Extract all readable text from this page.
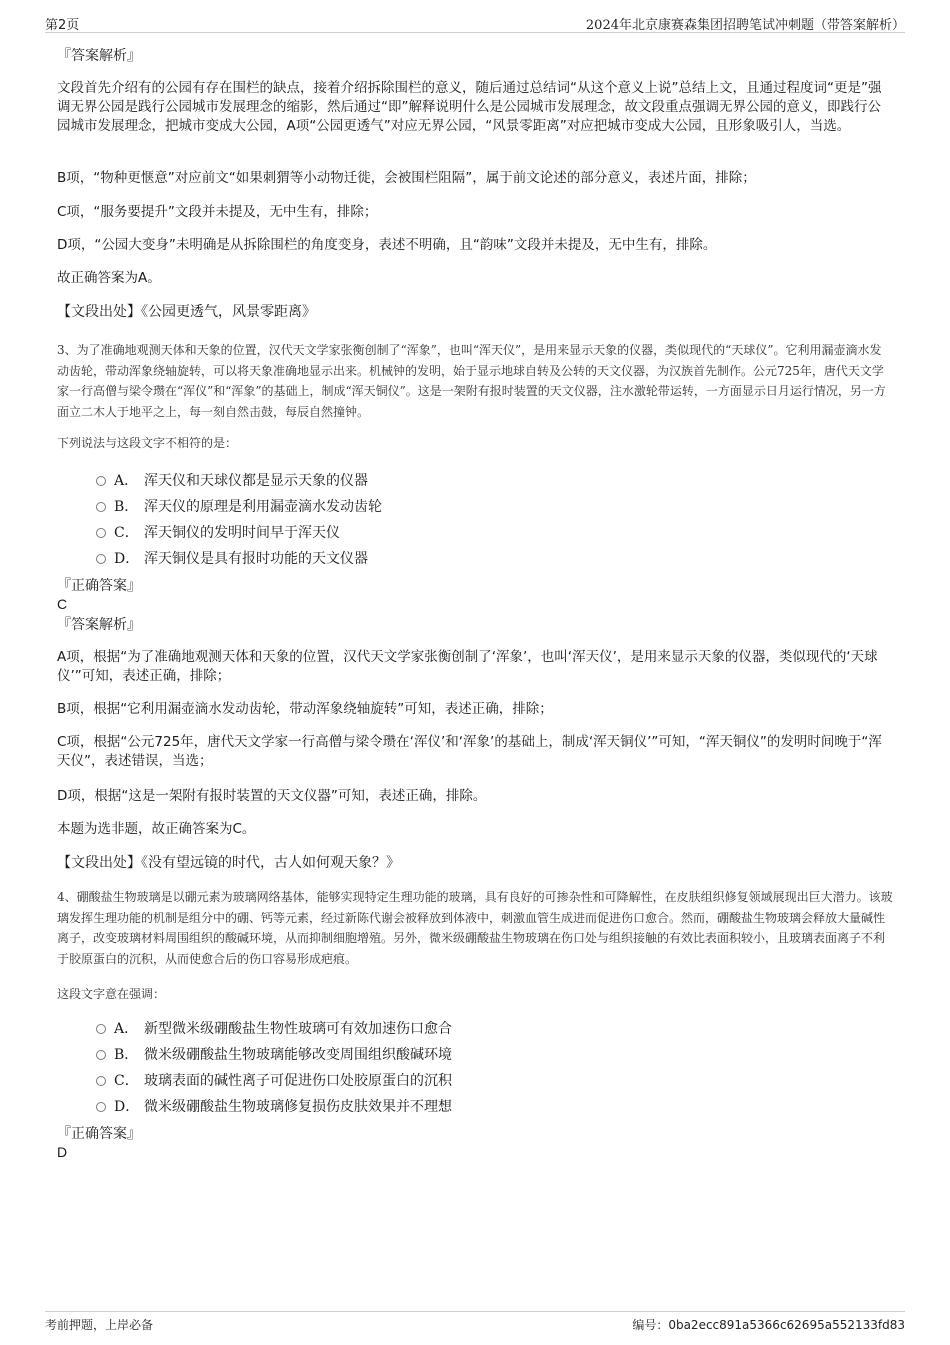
第2页	2024年北京康赛森集团招聘笔试冲刺题（带答案解析）
『答案解析』
文段首先介绍有的公园有存在围栏的缺点，接着介绍拆除围栏的意义，随后通过总结词“从这个意义上说”总结上文，且通过程度词“更是”强调无界公园是践行公园城市发展理念的缩影，然后通过“即”解释说明什么是公园城市发展理念，故文段重点强调无界公园的意义，即践行公园城市发展理念，把城市变成大公园，A项“公园更透气”对应无界公园，“风景零距离”对应把城市变成大公园，且形象吸引人，当选。
B项，“物种更惬意”对应前文“如果刺猬等小动物迁徙，会被围栏阻隔”，属于前文论述的部分意义，表述片面，排除；
C项，“服务要提升”文段并未提及，无中生有，排除；
D项，“公园大变身”未明确是从拆除围栏的角度变身，表述不明确，且“韵味”文段并未提及，无中生有，排除。
故正确答案为A。
【文段出处】《公园更透气，风景零距离》
3、为了准确地观测天体和天象的位置，汉代天文学家张衡创制了“浑象”，也叫“浑天仪”，是用来显示天象的仪器，类似现代的“天球仪”。它利用漏壶滴水发动齿轮，带动浑象绕轴旋转，可以将天象准确地显示出来。机械钟的发明，始于显示地球自转及公转的天文仪器，为汉族首先制作。公元725年，唐代天文学家一行高僧与梁令瓒在“浑仪”和“浑象”的基础上，制成“浑天铜仪”。这是一架附有报时装置的天文仪器，注水激轮带运转，一方面显示日月运行情况，另一方面立二木人于地平之上，每一刻自然击鼓，每辰自然撞钟。
下列说法与这段文字不相符的是：
A． 浑天仪和天球仪都是显示天象的仪器
B． 浑天仪的原理是利用漏壶滴水发动齿轮
C． 浑天铜仪的发明时间早于浑天仪
D． 浑天铜仪是具有报时功能的天文仪器
『正确答案』
C
『答案解析』
A项，根据“为了准确地观测天体和天象的位置，汉代天文学家张衡创制了‘浑象’，也叫‘浑天仪’，是用来显示天象的仪器，类似现代的‘天球仪’”可知，表述正确，排除；
B项，根据“它利用漏壶滴水发动齿轮，带动浑象绕轴旋转”可知，表述正确，排除；
C项，根据“公元725年，唐代天文学家一行高僧与梁令瓒在‘浑仪’和‘浑象’的基础上，制成‘浑天铜仪’”可知，“浑天铜仪”的发明时间晚于“浑天仪”，表述错误，当选；
D项，根据“这是一架附有报时装置的天文仪器”可知，表述正确，排除。
本题为选非题，故正确答案为C。
【文段出处】《没有望远镜的时代，古人如何观天象？》
4、硼酸盐生物玻璃是以硼元素为玻璃网络基体，能够实现特定生理功能的玻璃，具有良好的可掺杂性和可降解性，在皮肤组织修复领域展现出巨大潜力。该玻璃发挥生理功能的机制是组分中的硼、钙等元素，经过新陈代谢会被释放到体液中，刺激血管生成进而促进伤口愈合。然而，硼酸盐生物玻璃会释放大量碱性离子，改变玻璃材料周围组织的酸碱环境，从而抑制细胞增殖。另外，微米级硼酸盐生物玻璃在伤口处与组织接触的有效比表面积较小，且玻璃表面离子不利于胶原蛋白的沉积，从而使愈合后的伤口容易形成疤痕。
这段文字意在强调：
A． 新型微米级硼酸盐生物性玻璃可有效加速伤口愈合
B． 微米级硼酸盐生物玻璃能够改变周围组织酸碱环境
C． 玻璃表面的碱性离子可促进伤口处胶原蛋白的沉积
D． 微米级硼酸盐生物玻璃修复损伤皮肤效果并不理想
『正确答案』
D
考前押题，上岸必备	编号：0ba2ecc891a5366c62695a552133fd83
